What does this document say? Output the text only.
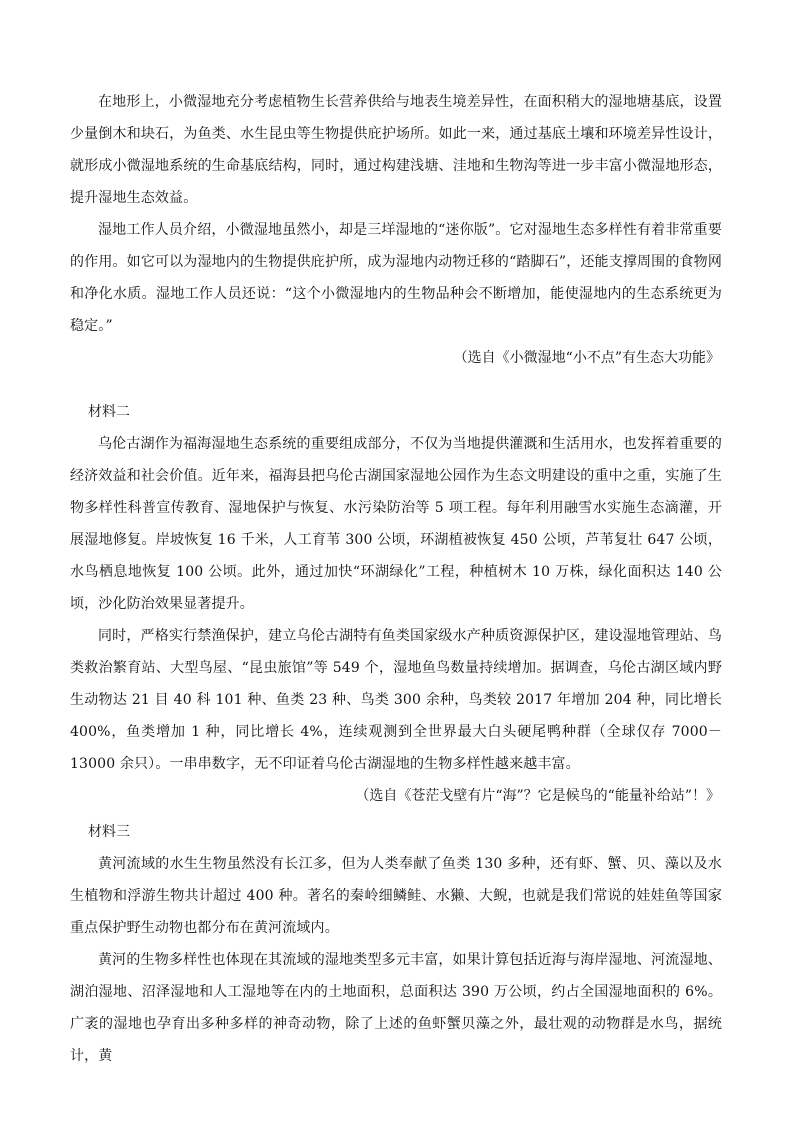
在地形上，小微湿地充分考虑植物生长营养供给与地表生境差异性，在面积稍大的湿地塘基底，设置少量倒木和块石，为鱼类、水生昆虫等生物提供庇护场所。如此一来，通过基底土壤和环境差异性设计，就形成小微湿地系统的生命基底结构，同时，通过构建浅塘、洼地和生物沟等进一步丰富小微湿地形态，提升湿地生态效益。

湿地工作人员介绍，小微湿地虽然小，却是三垟湿地的“迷你版”。它对湿地生态多样性有着非常重要的作用。如它可以为湿地内的生物提供庇护所，成为湿地内动物迁移的“踏脚石”，还能支撑周围的食物网和净化水质。湿地工作人员还说：“这个小微湿地内的生物品种会不断增加，能使湿地内的生态系统更为稳定。”

（选自《小微湿地“小不点”有生态大功能》

材料二

乌伦古湖作为福海湿地生态系统的重要组成部分，不仅为当地提供灌溉和生活用水，也发挥着重要的经济效益和社会价值。近年来，福海县把乌伦古湖国家湿地公园作为生态文明建设的重中之重，实施了生物多样性科普宣传教育、湿地保护与恢复、水污染防治等 5 项工程。每年利用融雪水实施生态滴灌，开展湿地修复。岸坡恢复 16 千米，人工育苇 300 公顷，环湖植被恢复 450 公顷，芦苇复壮 647 公顷，水鸟栖息地恢复 100 公顷。此外，通过加快“环湖绿化”工程，种植树木 10 万株，绿化面积达 140 公顷，沙化防治效果显著提升。

同时，严格实行禁渔保护，建立乌伦古湖特有鱼类国家级水产种质资源保护区，建设湿地管理站、鸟类救治繁育站、大型鸟屋、“昆虫旅馆”等 549 个，湿地鱼鸟数量持续增加。据调查，乌伦古湖区域内野生动物达 21 目 40 科 101 种、鱼类 23 种、鸟类 300 余种，鸟类较 2017 年增加 204 种，同比增长 400%，鱼类增加 1 种，同比增长 4%，连续观测到全世界最大白头硬尾鸭种群（全球仅存 7000－13000 余只）。一串串数字，无不印证着乌伦古湖湿地的生物多样性越来越丰富。

（选自《苍茫戈壁有片“海”？它是候鸟的“能量补给站”！》

材料三

黄河流域的水生生物虽然没有长江多，但为人类奉献了鱼类 130 多种，还有虾、蟹、贝、藻以及水生植物和浮游生物共计超过 400 种。著名的秦岭细鳞鲑、水獭、大鲵，也就是我们常说的娃娃鱼等国家重点保护野生动物也都分布在黄河流域内。

黄河的生物多样性也体现在其流域的湿地类型多元丰富，如果计算包括近海与海岸湿地、河流湿地、湖泊湿地、沼泽湿地和人工湿地等在内的土地面积，总面积达 390 万公顷，约占全国湿地面积的 6%。广袤的湿地也孕育出多种多样的神奇动物，除了上述的鱼虾蟹贝藻之外，最壮观的动物群是水鸟，据统计，黄
